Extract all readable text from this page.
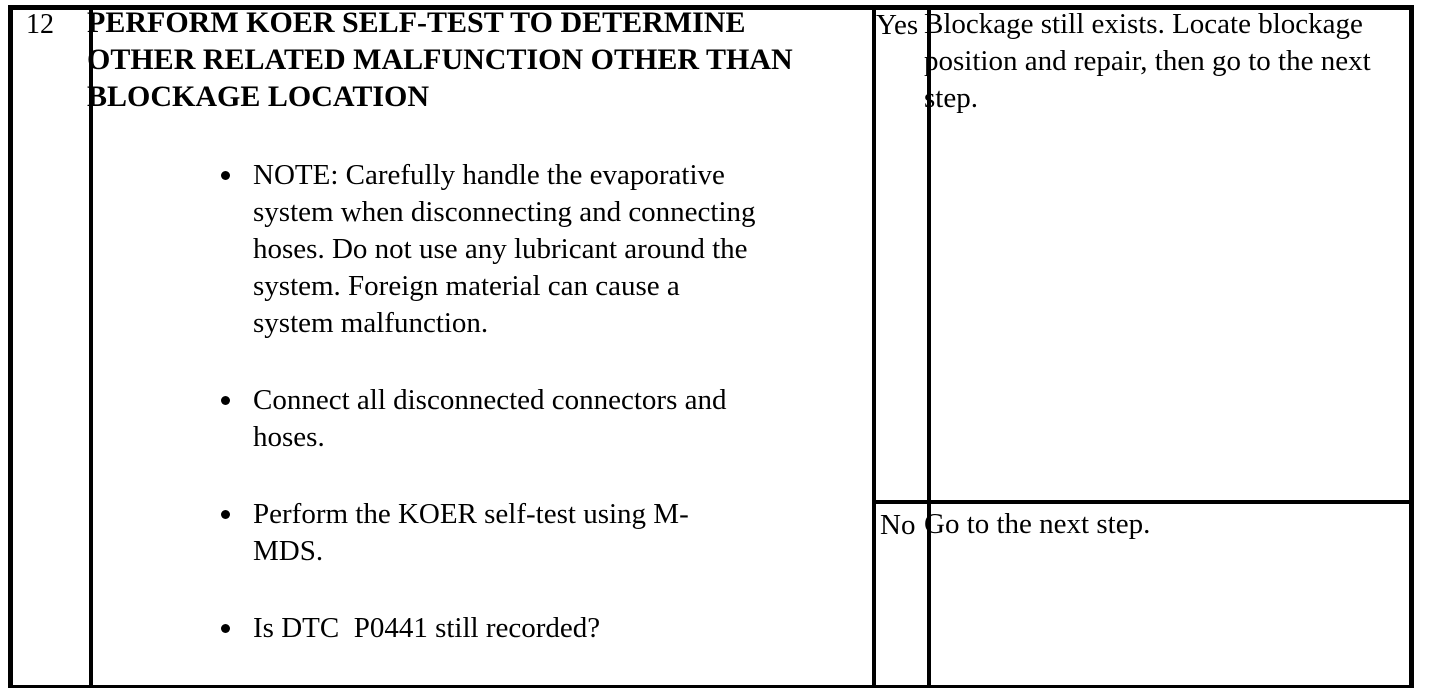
12 PERFORM KOER SELF-TEST TO DETERMINE OTHER RELATED MALFUNCTION OTHER THAN BLOCKAGE LOCATION
NOTE: Carefully handle the evaporative system when disconnecting and connecting hoses. Do not use any lubricant around the system. Foreign material can cause a system malfunction.
Connect all disconnected connectors and hoses.
Perform the KOER self-test using M-MDS.
Is DTC  P0441 still recorded?
Yes Blockage still exists. Locate blockage position and repair, then go to the next step.
No Go to the next step.
